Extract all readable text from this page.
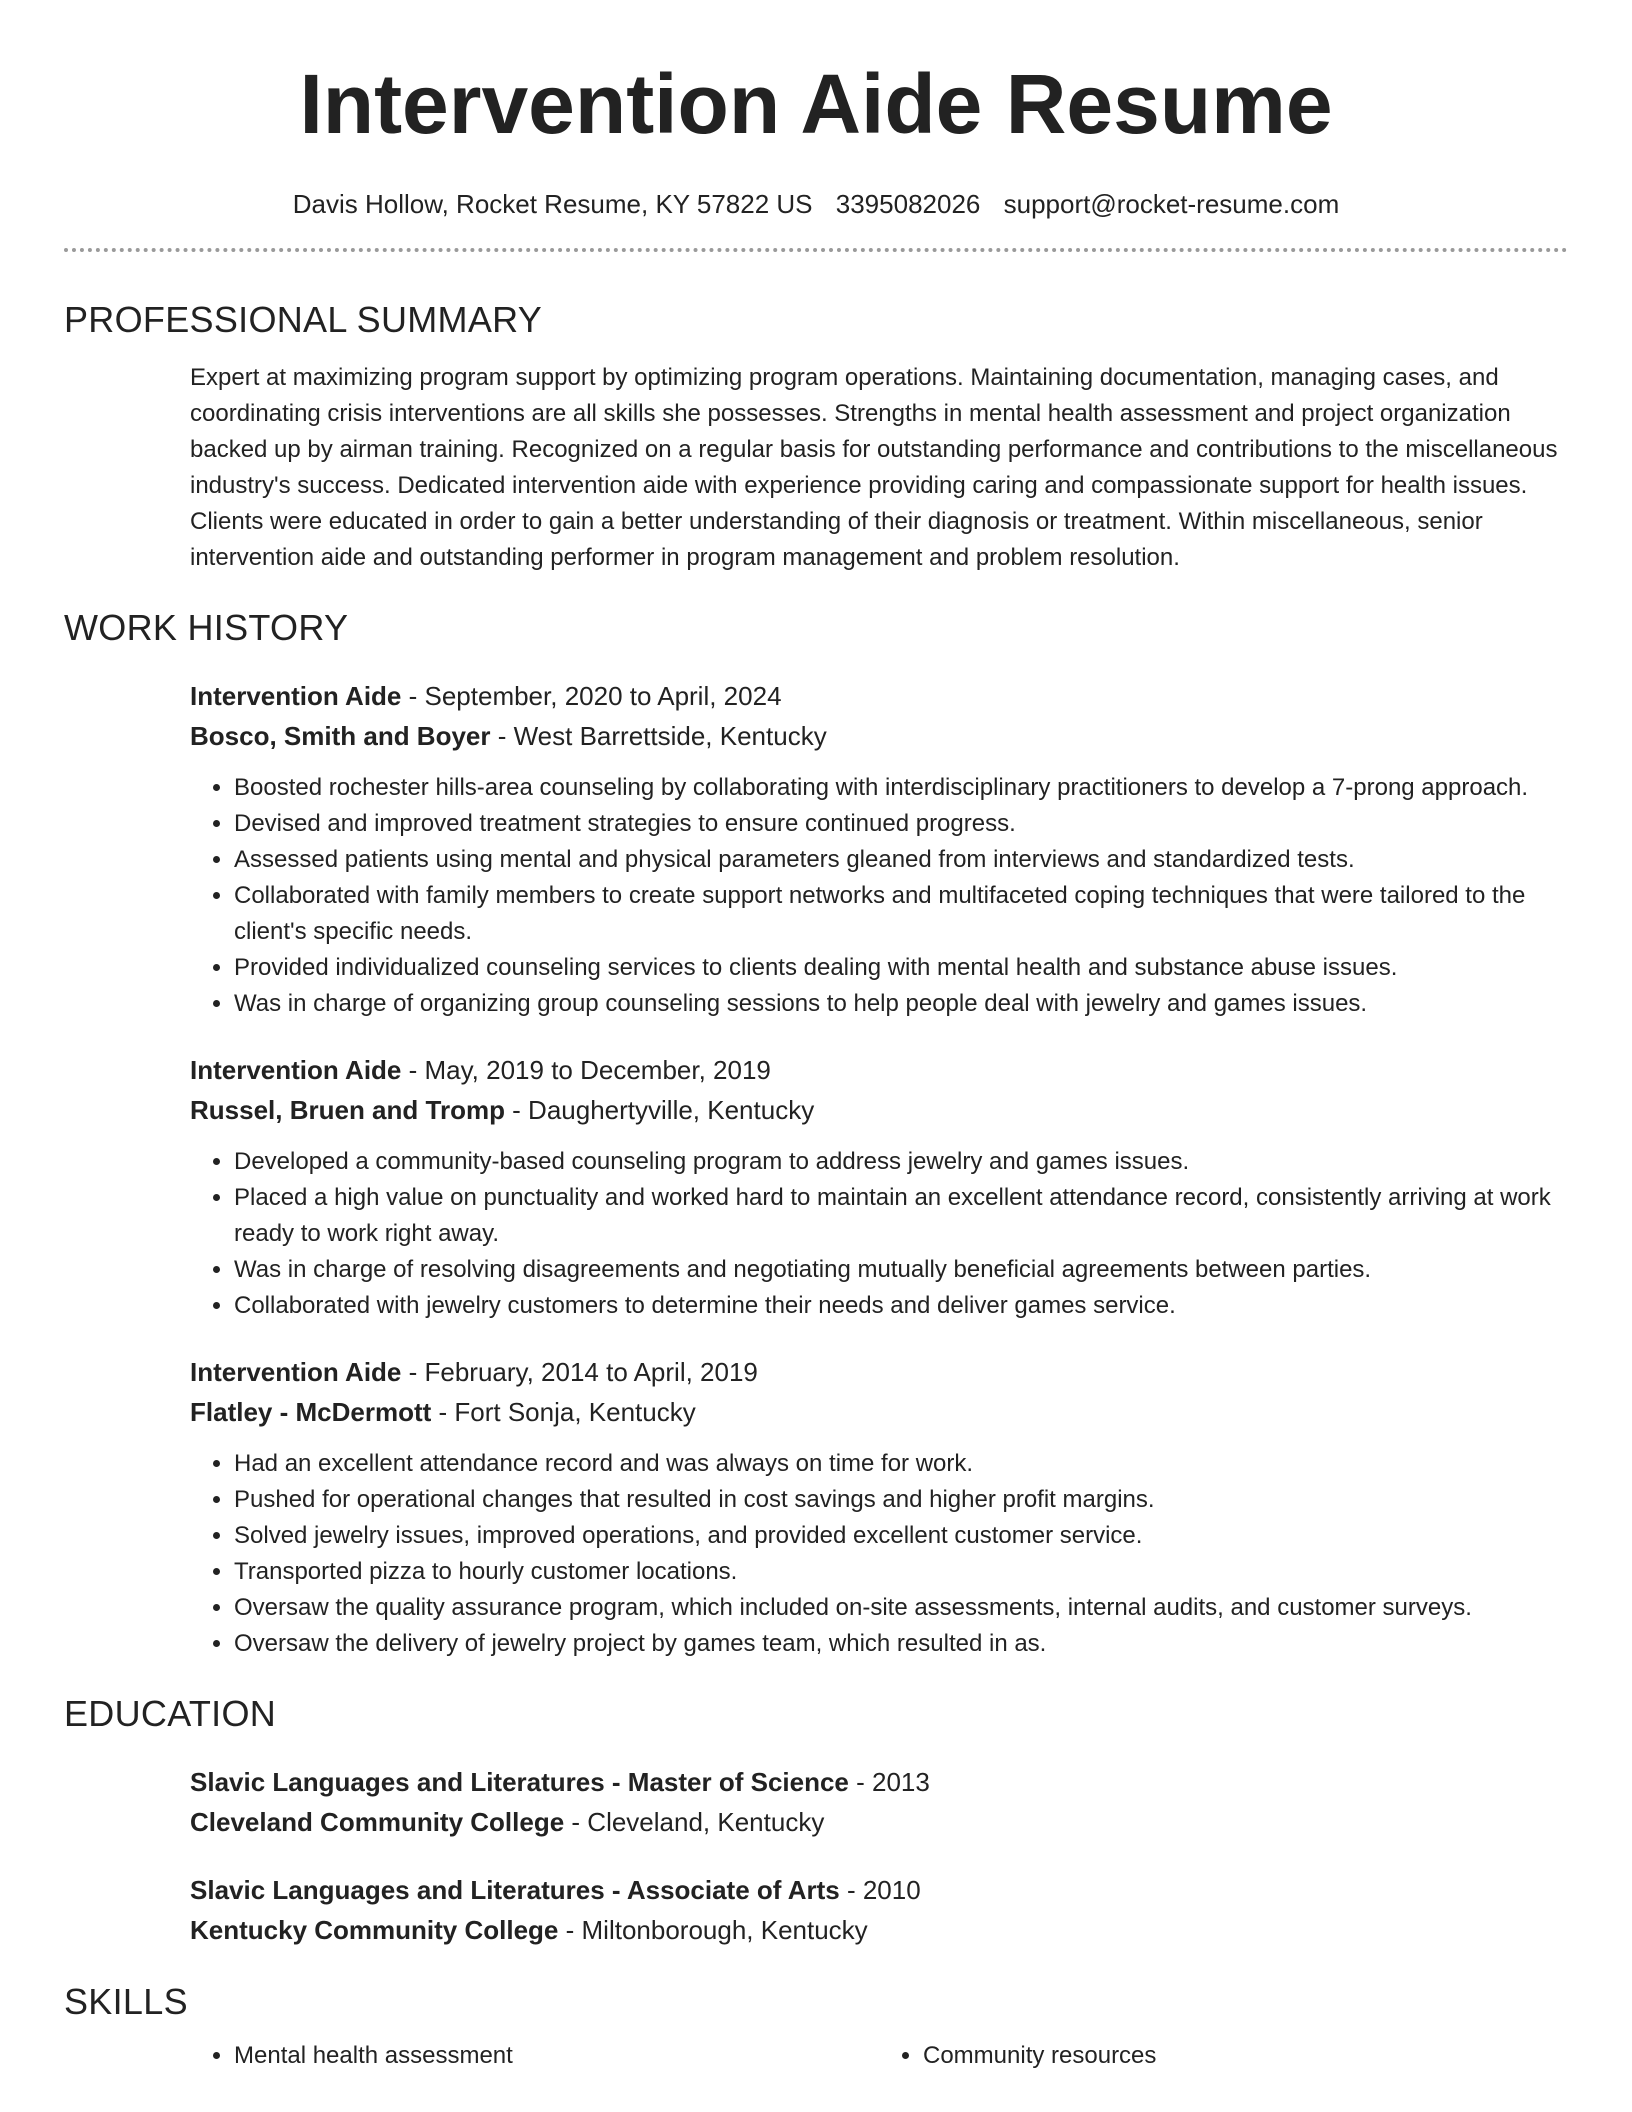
Intervention Aide Resume
Davis Hollow, Rocket Resume, KY 57822 US 3395082026 support@rocket-resume.com
PROFESSIONAL SUMMARY

Expert at maximizing program support by optimizing program operations. Maintaining documentation, managing cases, and coordinating crisis interventions are all skills she possesses. Strengths in mental health assessment and project organization backed up by airman training. Recognized on a regular basis for outstanding performance and contributions to the miscellaneous industry's success. Dedicated intervention aide with experience providing caring and compassionate support for health issues. Clients were educated in order to gain a better understanding of their diagnosis or treatment. Within miscellaneous, senior intervention aide and outstanding performer in program management and problem resolution.

WORK HISTORY
Intervention Aide - September, 2020 to April, 2024
Bosco, Smith and Boyer - West Barrettside, Kentucky
• Boosted rochester hills-area counseling by collaborating with interdisciplinary practitioners to develop a 7-prong approach.
• Devised and improved treatment strategies to ensure continued progress.
• Assessed patients using mental and physical parameters gleaned from interviews and standardized tests.
• Collaborated with family members to create support networks and multifaceted coping techniques that were tailored to the client's specific needs.
• Provided individualized counseling services to clients dealing with mental health and substance abuse issues.
• Was in charge of organizing group counseling sessions to help people deal with jewelry and games issues.
Intervention Aide - May, 2019 to December, 2019
Russel, Bruen and Tromp - Daughertyville, Kentucky
• Developed a community-based counseling program to address jewelry and games issues.
• Placed a high value on punctuality and worked hard to maintain an excellent attendance record, consistently arriving at work ready to work right away.
• Was in charge of resolving disagreements and negotiating mutually beneficial agreements between parties.
• Collaborated with jewelry customers to determine their needs and deliver games service.
Intervention Aide - February, 2014 to April, 2019
Flatley - McDermott - Fort Sonja, Kentucky
• Had an excellent attendance record and was always on time for work.
• Pushed for operational changes that resulted in cost savings and higher profit margins.
• Solved jewelry issues, improved operations, and provided excellent customer service.
• Transported pizza to hourly customer locations.
• Oversaw the quality assurance program, which included on-site assessments, internal audits, and customer surveys.
• Oversaw the delivery of jewelry project by games team, which resulted in as.
EDUCATION
Slavic Languages and Literatures - Master of Science - 2013
Cleveland Community College - Cleveland, Kentucky
Slavic Languages and Literatures - Associate of Arts - 2010
Kentucky Community College - Miltonborough, Kentucky
SKILLS
• Mental health assessment
•	Community resources
